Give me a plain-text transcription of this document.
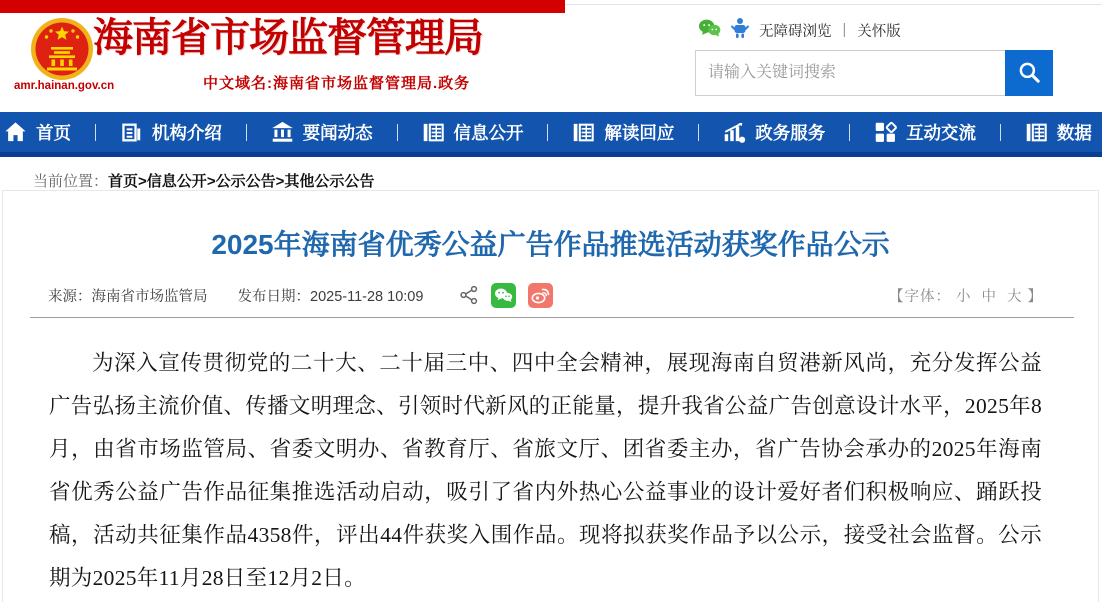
amr.hainan.gov.cn
海南省市场监督管理局
中文域名:海南省市场监督管理局.政务
无障碍浏览 | 关怀版
请输入关键词搜索
首页	机构介绍	要闻动态	信息公开	解读回应	政务服务	互动交流	数据
当前位置：首页>信息公开>公示公告>其他公示公告
2025年海南省优秀公益广告作品推选活动获奖作品公示
来源：海南省市场监管局 发布日期：2025-11-28 10:09	【字体： 小 中 大 】

为深入宣传贯彻党的二十大、二十届三中、四中全会精神，展现海南自贸港新风尚，充分发挥公益广告弘扬主流价值、传播文明理念、引领时代新风的正能量，提升我省公益广告创意设计水平，2025年8月，由省市场监管局、省委文明办、省教育厅、省旅文厅、团省委主办，省广告协会承办的2025年海南省优秀公益广告作品征集推选活动启动，吸引了省内外热心公益事业的设计爱好者们积极响应、踊跃投稿，活动共征集作品4358件，评出44件获奖入围作品。现将拟获奖作品予以公示，接受社会监督。公示期为2025年11月28日至12月2日。
